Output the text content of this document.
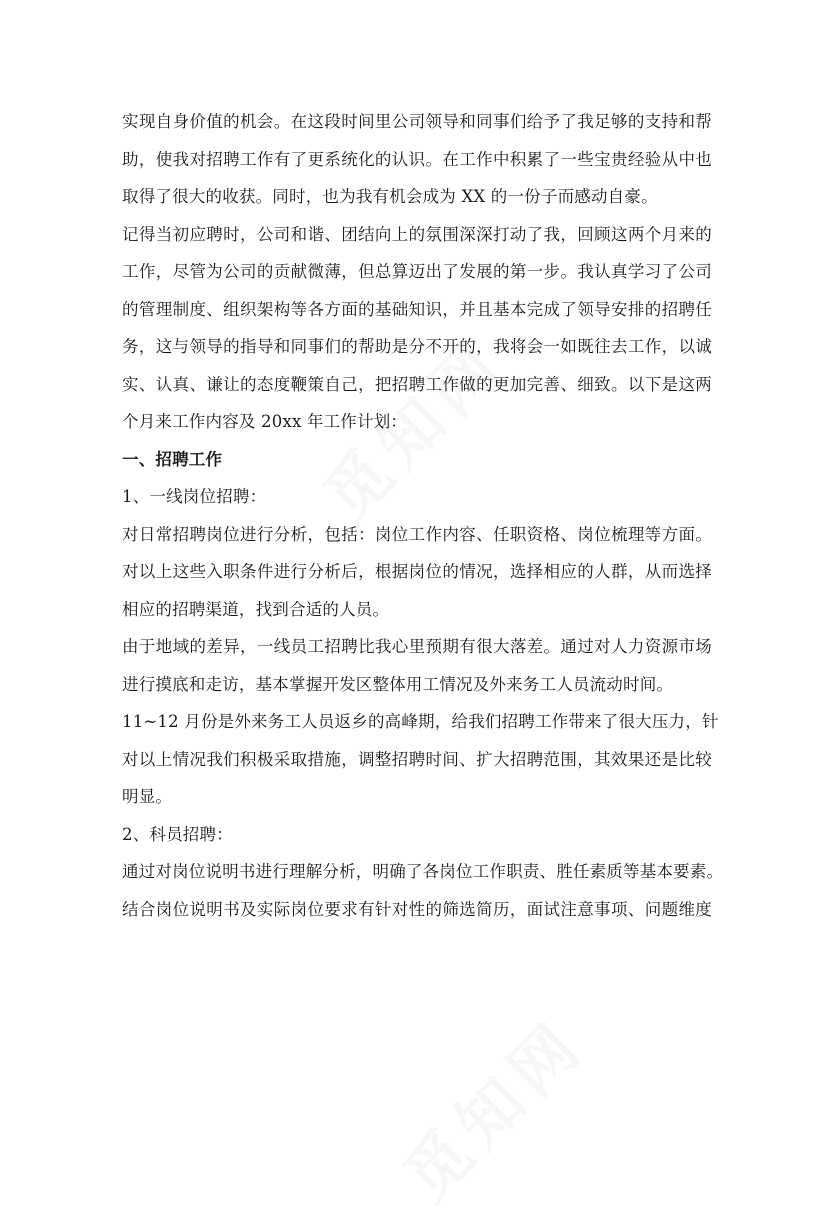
实现自身价值的机会。在这段时间里公司领导和同事们给予了我足够的支持和帮
助，使我对招聘工作有了更系统化的认识。在工作中积累了一些宝贵经验从中也
取得了很大的收获。同时，也为我有机会成为 XX 的一份子而感动自豪。
记得当初应聘时，公司和谐、团结向上的氛围深深打动了我，回顾这两个月来的
工作，尽管为公司的贡献微薄，但总算迈出了发展的第一步。我认真学习了公司
的管理制度、组织架构等各方面的基础知识，并且基本完成了领导安排的招聘任
务，这与领导的指导和同事们的帮助是分不开的，我将会一如既往去工作，以诚
实、认真、谦让的态度鞭策自己，把招聘工作做的更加完善、细致。以下是这两
个月来工作内容及 20xx 年工作计划：
一、招聘工作
1、一线岗位招聘：
对日常招聘岗位进行分析，包括：岗位工作内容、任职资格、岗位梳理等方面。
对以上这些入职条件进行分析后，根据岗位的情况，选择相应的人群，从而选择
相应的招聘渠道，找到合适的人员。
由于地域的差异，一线员工招聘比我心里预期有很大落差。通过对人力资源市场
进行摸底和走访，基本掌握开发区整体用工情况及外来务工人员流动时间。
11~12 月份是外来务工人员返乡的高峰期，给我们招聘工作带来了很大压力，针
对以上情况我们积极采取措施，调整招聘时间、扩大招聘范围，其效果还是比较
明显。
2、科员招聘：
通过对岗位说明书进行理解分析，明确了各岗位工作职责、胜任素质等基本要素。
结合岗位说明书及实际岗位要求有针对性的筛选简历，面试注意事项、问题维度
